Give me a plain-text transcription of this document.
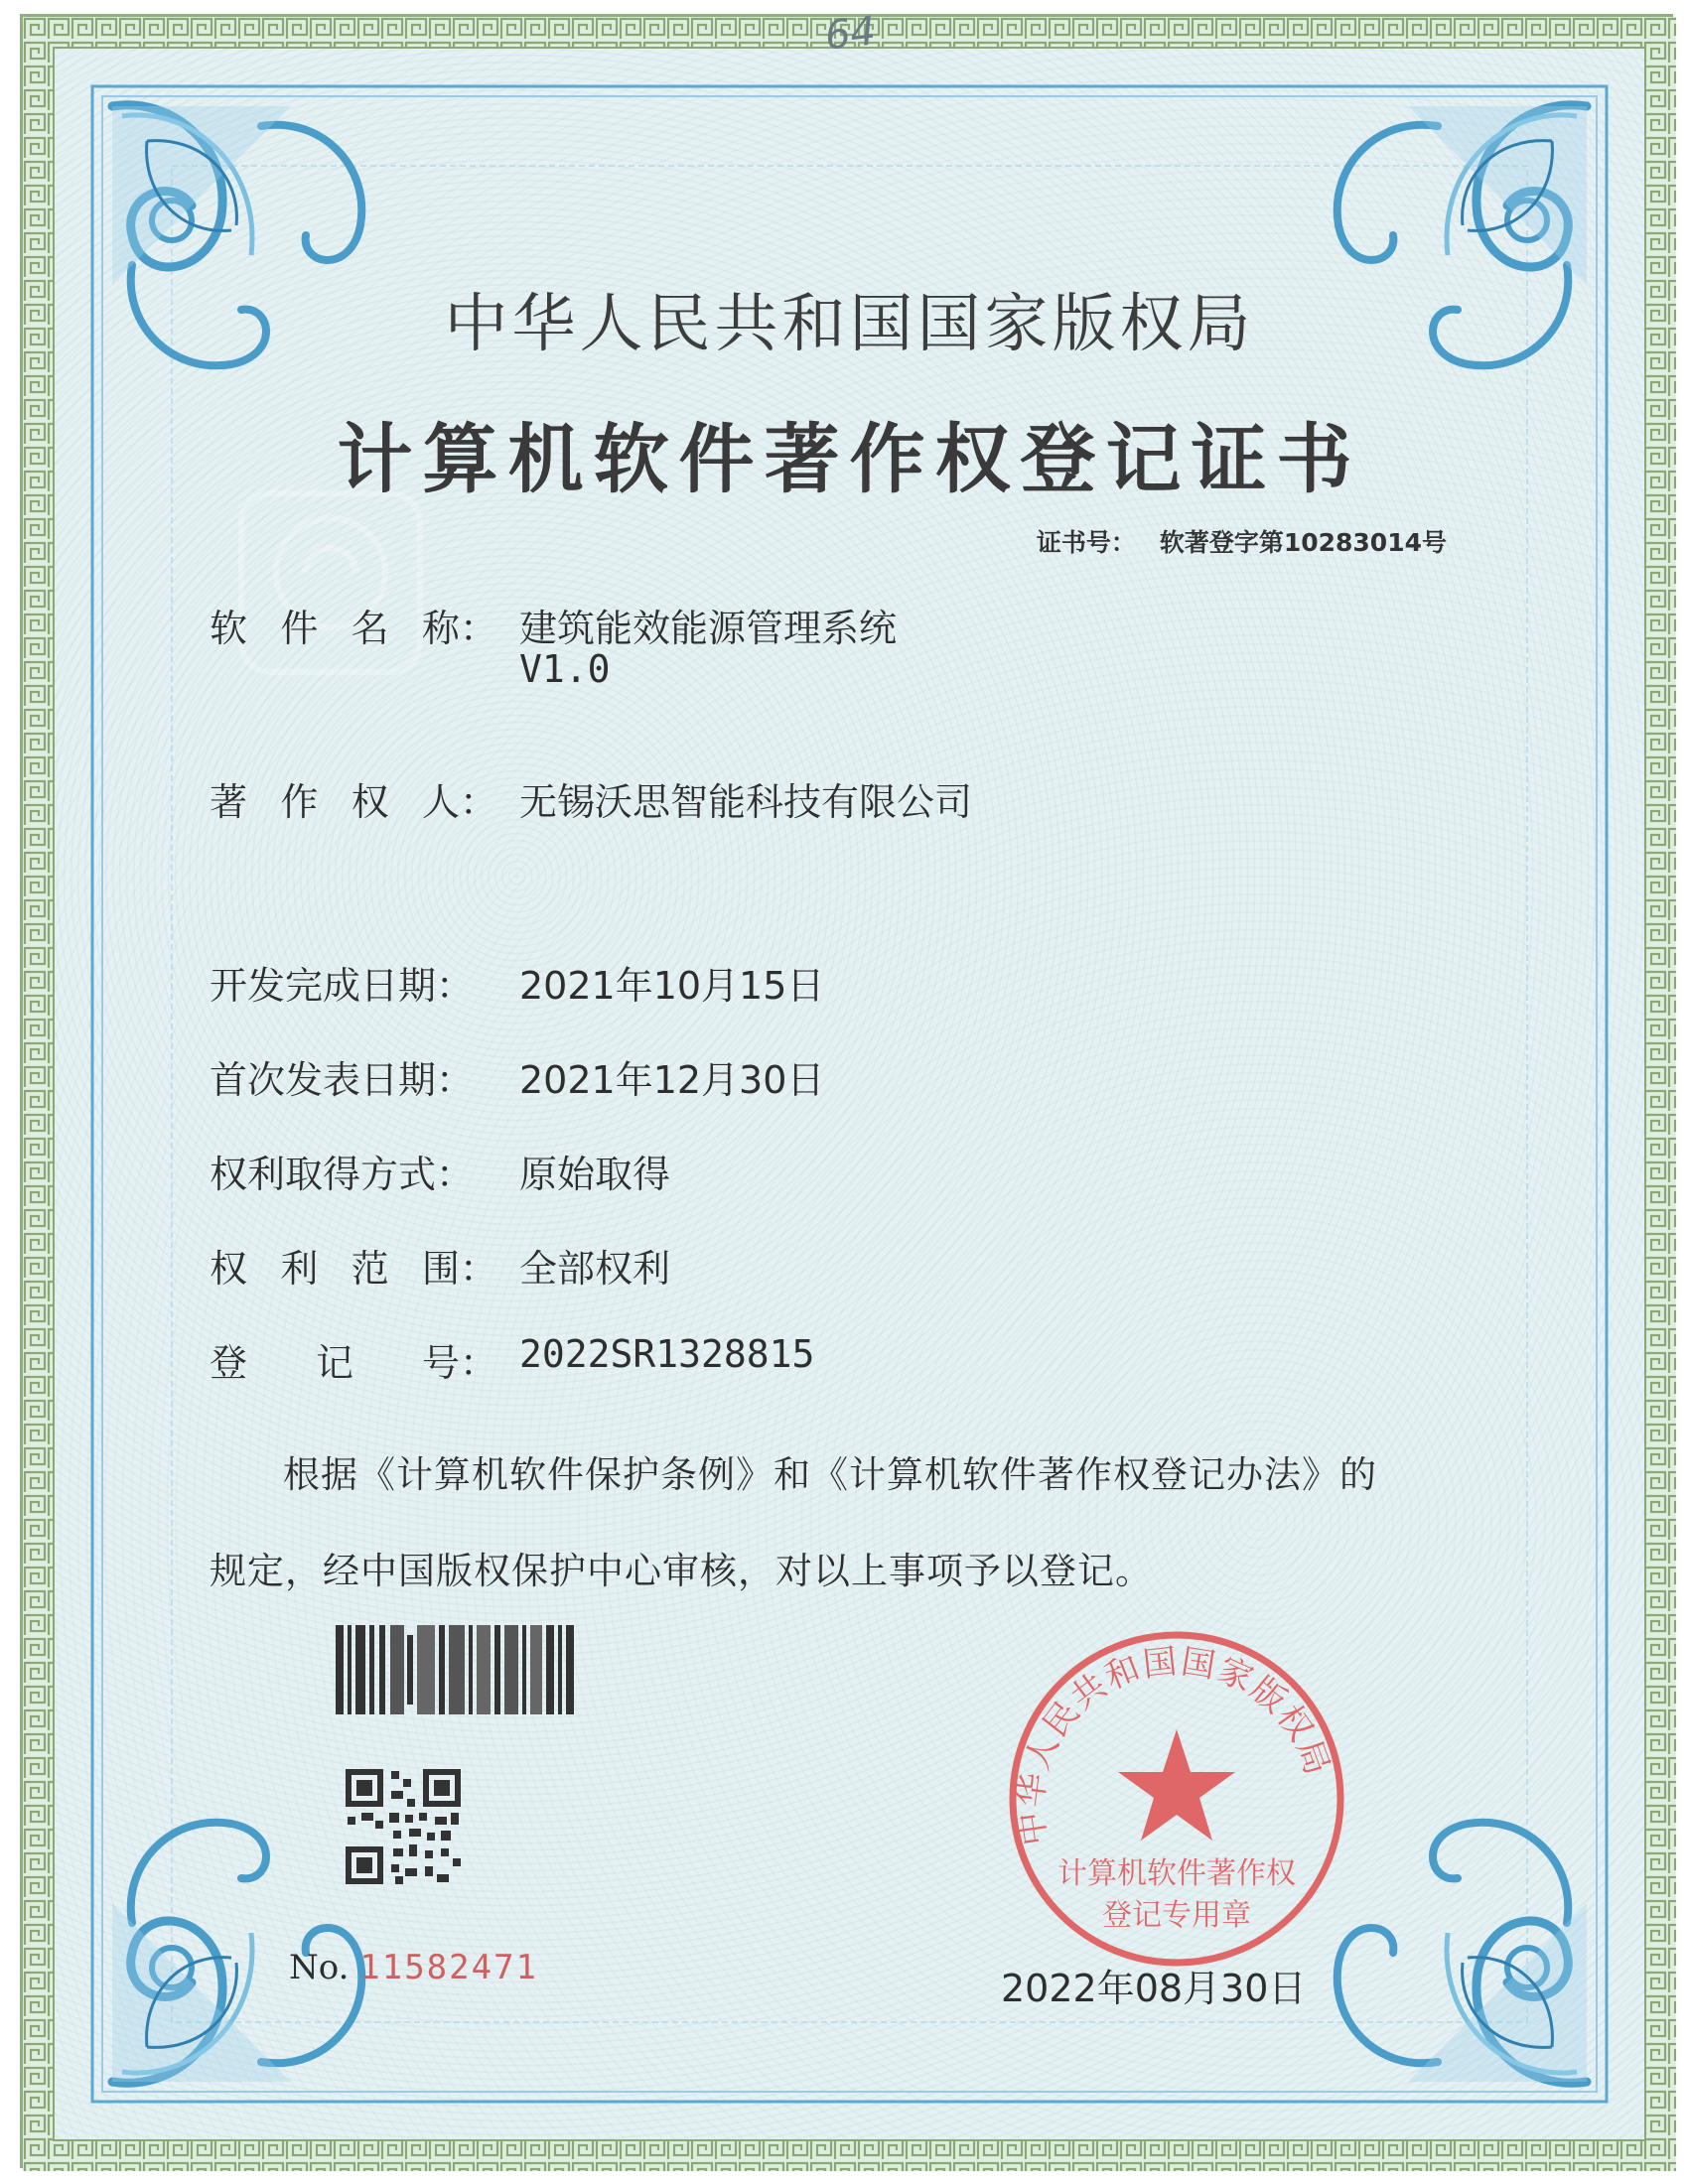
中华人民共和国国家版权局
计算机软件著作权
登记专用章
64
中华人民共和国国家版权局
计算机软件著作权登记证书
证书号： 软著登字第10283014号
软 件 名 称： 建筑能效能源管理系统
V1.0
著 作 权 人： 无锡沃思智能科技有限公司
开发完成日期： 2021年10月15日
首次发表日期： 2021年12月30日
权利取得方式： 原始取得
权 利 范 围： 全部权利
登 记 号： 2022SR1328815
根据《计算机软件保护条例》和《计算机软件著作权登记办法》的
规定，经中国版权保护中心审核，对以上事项予以登记。
No. 11582471	2022年08月30日
